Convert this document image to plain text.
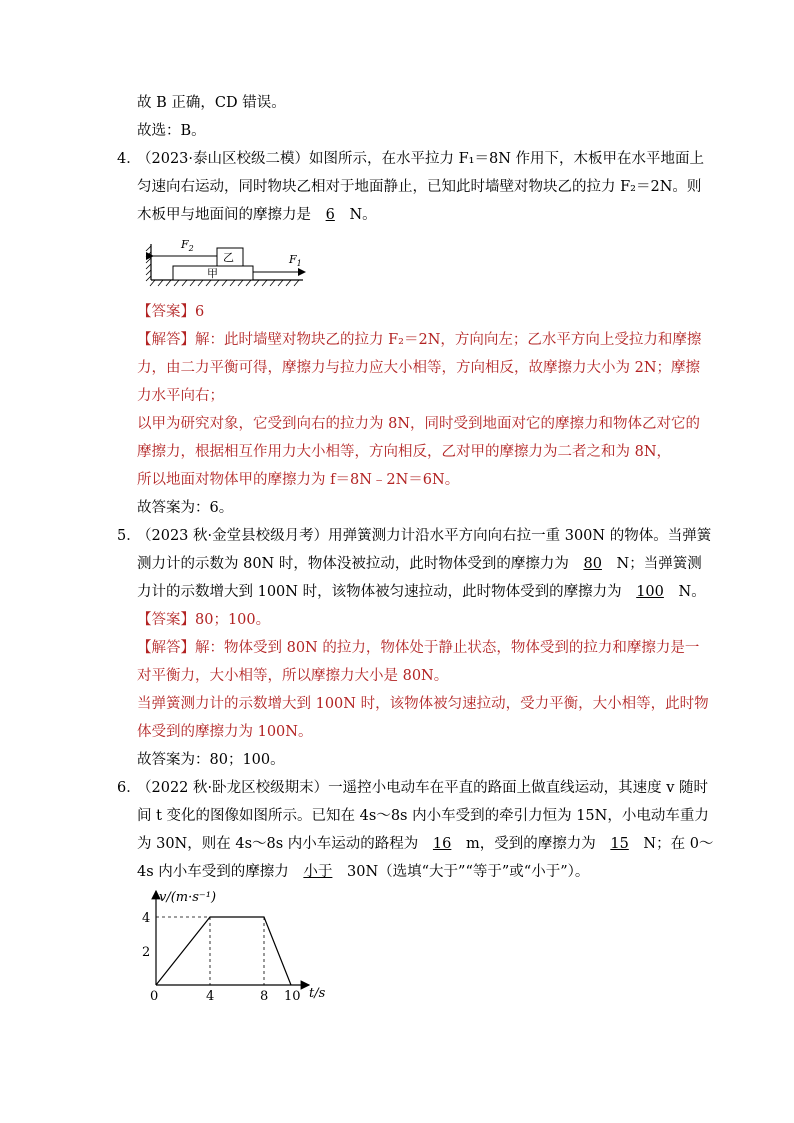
故 B 正确，CD 错误。
故选：B。
4．
（2023·泰山区校级二模）如图所示，在水平拉力 F₁＝8N 作用下，木板甲在水平地面上
匀速向右运动，同时物块乙相对于地面静止，已知此时墙壁对物块乙的拉力 F₂＝2N。则
木板甲与地面间的摩擦力是 6 N。
甲
乙
$F_2$
$F_1$
【答案】6
【解答】解：此时墙壁对物块乙的拉力 F₂＝2N，方向向左；乙水平方向上受拉力和摩擦
力，由二力平衡可得，摩擦力与拉力应大小相等，方向相反，故摩擦力大小为 2N；摩擦
力水平向右；
以甲为研究对象，它受到向右的拉力为 8N，同时受到地面对它的摩擦力和物体乙对它的
摩擦力，根据相互作用力大小相等，方向相反，乙对甲的摩擦力为二者之和为 8N，
所以地面对物体甲的摩擦力为 f＝8N﹣2N＝6N。
故答案为：6。
5．
（2023 秋·金堂县校级月考）用弹簧测力计沿水平方向向右拉一重 300N 的物体。当弹簧
测力计的示数为 80N 时，物体没被拉动，此时物体受到的摩擦力为 80 N；当弹簧测
力计的示数增大到 100N 时，该物体被匀速拉动，此时物体受到的摩擦力为 100 N。
【答案】80；100。
【解答】解：物体受到 80N 的拉力，物体处于静止状态，物体受到的拉力和摩擦力是一
对平衡力，大小相等，所以摩擦力大小是 80N。
当弹簧测力计的示数增大到 100N 时，该物体被匀速拉动，受力平衡，大小相等，此时物
体受到的摩擦力为 100N。
故答案为：80；100。
6．
（2022 秋·卧龙区校级期末）一遥控小电动车在平直的路面上做直线运动，其速度 v 随时
间 t 变化的图像如图所示。已知在 4s～8s 内小车受到的牵引力恒为 15N，小电动车重力
为 30N，则在 4s～8s 内小车运动的路程为 16 m，受到的摩擦力为 15 N；在 0～
4s 内小车受到的摩擦力 小于 30N（选填“大于”“等于”或“小于”）。
v/(m·s⁻¹)
t/s
0	4	8 10
2
4
